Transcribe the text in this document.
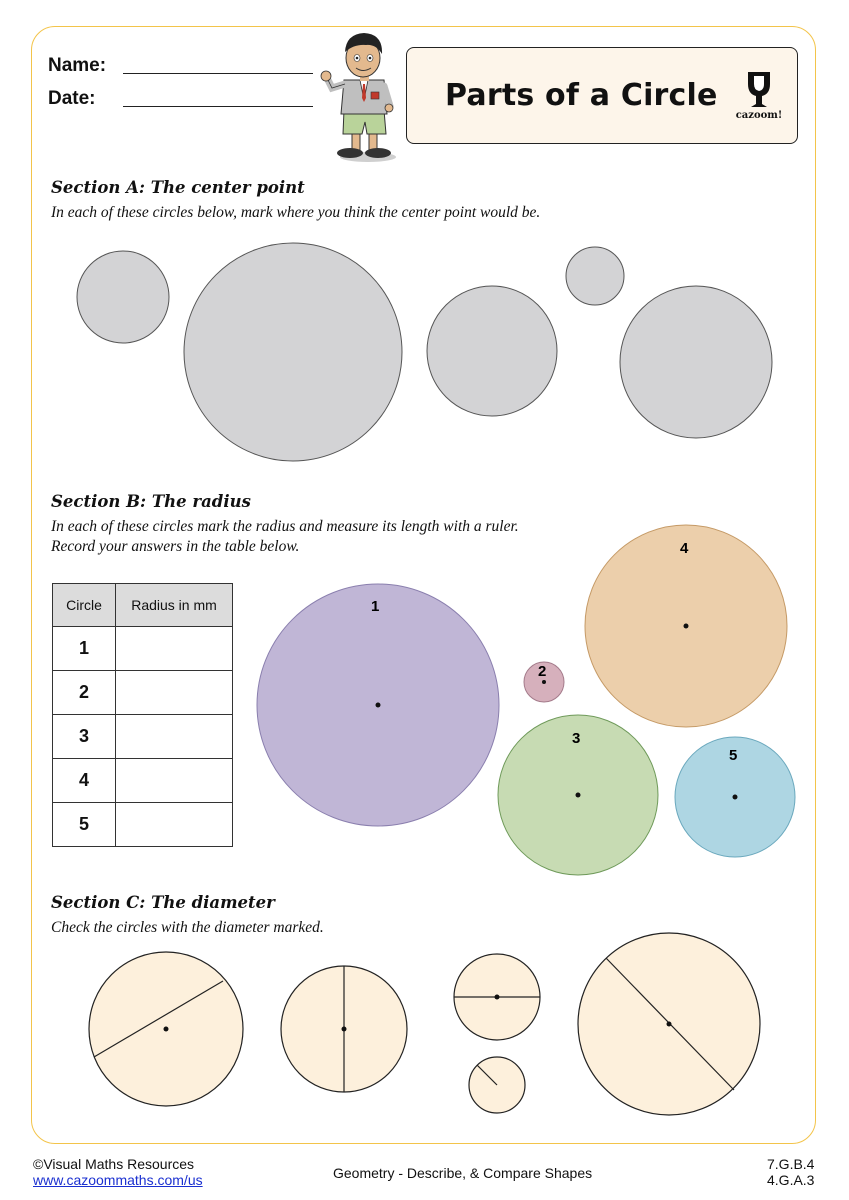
Name:
Date:	Parts of a Circle
cazoom!
Section A: The center point
In each of these circles below, mark where you think the center point would be.
Section B: The radius
In each of these circles mark the radius and measure its length with a ruler.
Record your answers in the table below.
Circle	Radius in mm
1	
2	
3	
4	
5	
1
2
3
4
5
Section C: The diameter
Check the circles with the diameter marked.
©Visual Maths Resources
www.cazoommaths.com/us	Geometry - Describe, & Compare Shapes
7.G.B.4
4.G.A.3
